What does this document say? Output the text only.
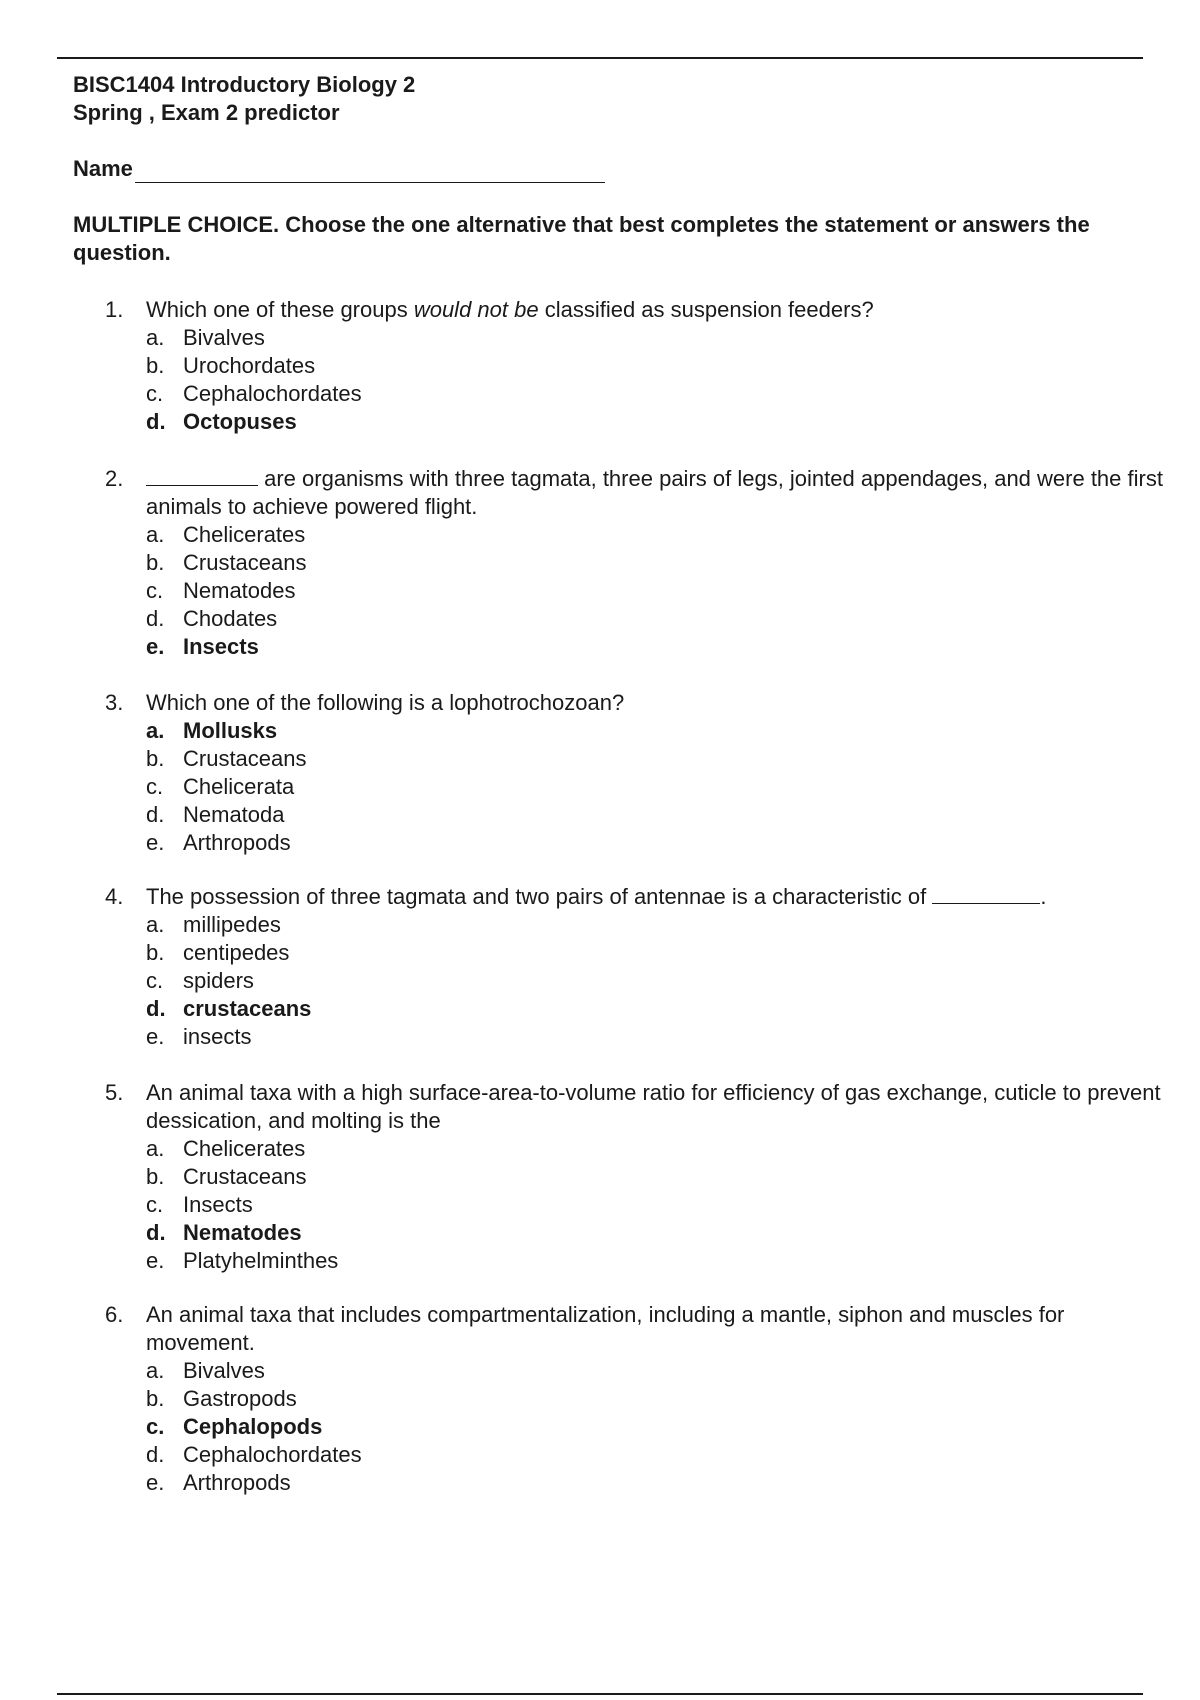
BISC1404 Introductory Biology 2
Spring , Exam 2 predictor
Name
MULTIPLE CHOICE. Choose the one alternative that best completes the statement or answers the question.
1.	Which one of these groups would not be classified as suspension feeders?
a. Bivalves
b. Urochordates
c. Cephalochordates
d. Octopuses
2.	are organisms with three tagmata, three pairs of legs, jointed appendages, and were the first animals to achieve powered flight.
a. Chelicerates
b. Crustaceans
c. Nematodes
d. Chodates
e. Insects
3.	Which one of the following is a lophotrochozoan?
a. Mollusks
b. Crustaceans
c. Chelicerata
d. Nematoda
e. Arthropods
4.	The possession of three tagmata and two pairs of antennae is a characteristic of	.
a. millipedes
b. centipedes
c. spiders
d. crustaceans
e. insects
5.	An animal taxa with a high surface-area-to-volume ratio for efficiency of gas exchange, cuticle to prevent dessication, and molting is the
a. Chelicerates
b. Crustaceans
c. Insects
d. Nematodes
e. Platyhelminthes
6.	An animal taxa that includes compartmentalization, including a mantle, siphon and muscles for movement.
a. Bivalves
b. Gastropods
c. Cephalopods
d. Cephalochordates
e. Arthropods
